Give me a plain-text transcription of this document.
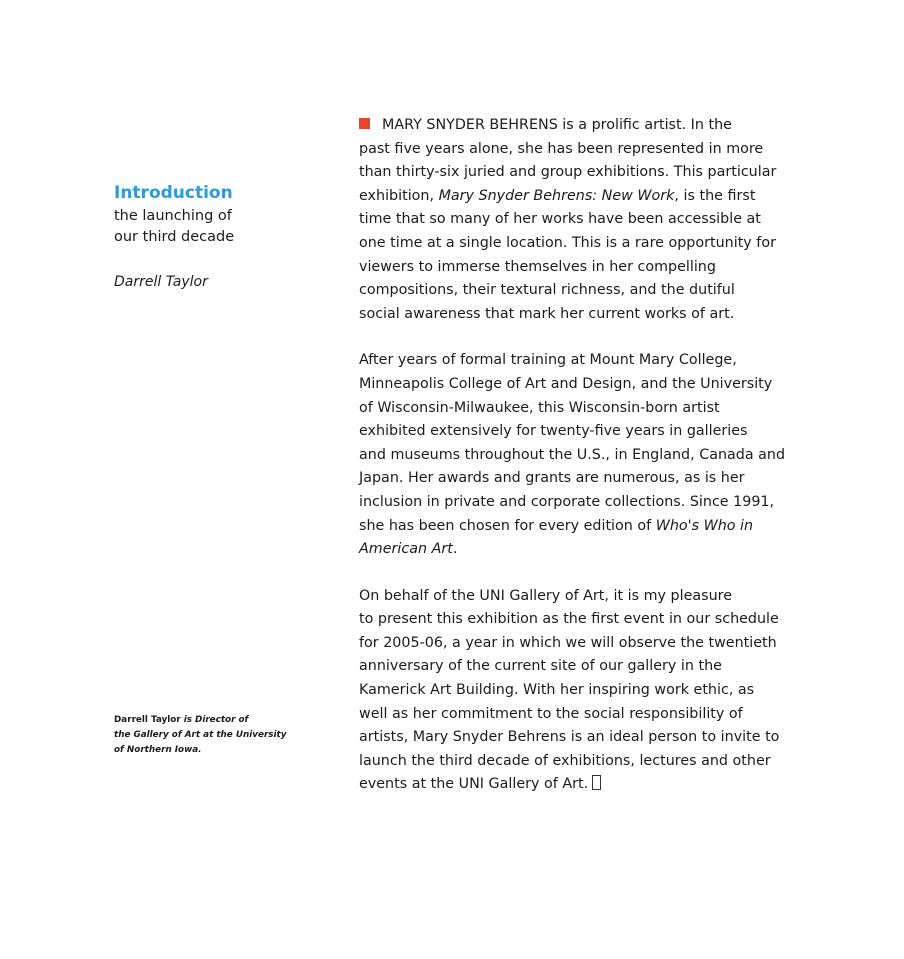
Introduction
the launching of
our third decade
Darrell Taylor
Darrell Taylor is Director of
the Gallery of Art at the University
of Northern Iowa.

MARY SNYDER BEHRENS is a prolific artist. In the
past five years alone, she has been represented in more
than thirty-six juried and group exhibitions. This particular
exhibition, Mary Snyder Behrens: New Work, is the first
time that so many of her works have been accessible at
one time at a single location. This is a rare opportunity for
viewers to immerse themselves in her compelling
compositions, their textural richness, and the dutiful
social awareness that mark her current works of art.

After years of formal training at Mount Mary College,
Minneapolis College of Art and Design, and the University
of Wisconsin-Milwaukee, this Wisconsin-born artist
exhibited extensively for twenty-five years in galleries
and museums throughout the U.S., in England, Canada and
Japan. Her awards and grants are numerous, as is her
inclusion in private and corporate collections. Since 1991,
she has been chosen for every edition of Who's Who in
American Art.

On behalf of the UNI Gallery of Art, it is my pleasure
to present this exhibition as the first event in our schedule
for 2005-06, a year in which we will observe the twentieth
anniversary of the current site of our gallery in the
Kamerick Art Building. With her inspiring work ethic, as
well as her commitment to the social responsibility of
artists, Mary Snyder Behrens is an ideal person to invite to
launch the third decade of exhibitions, lectures and other
events at the UNI Gallery of Art.
